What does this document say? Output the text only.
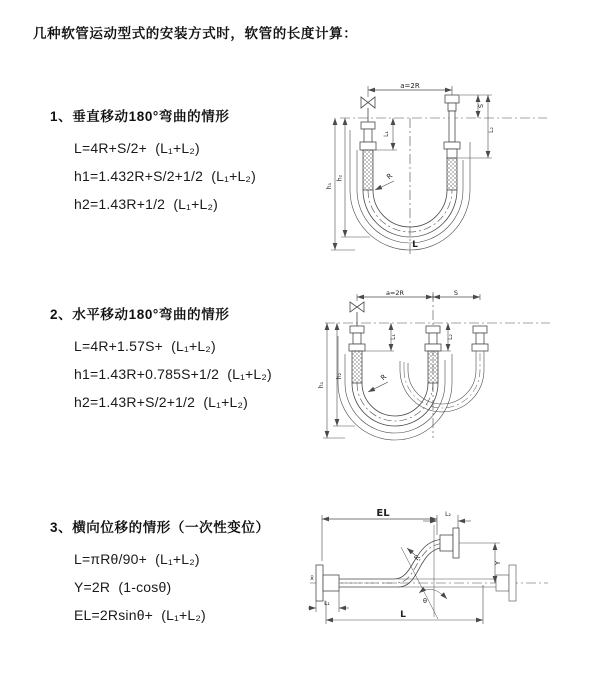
几种软管运动型式的安装方式时，软管的长度计算：
1、垂直移动180°弯曲的情形
L=4R+S/2+  (L₁+L₂)
h1=1.432R+S/2+1/2  (L₁+L₂)
h2=1.43R+1/2  (L₁+L₂)
2、水平移动180°弯曲的情形
L=4R+1.57S+  (L₁+L₂)
h1=1.43R+0.785S+1/2  (L₁+L₂)
h2=1.43R+S/2+1/2  (L₁+L₂)
3、横向位移的情形（一次性变位）
L=πRθ/90+  (L₁+L₂)
Y=2R  (1-cosθ)
EL=2Rsinθ+  (L₁+L₂)
a=2R
S
L₁
L₂
h₁
h₂	R
L
a=2R	S
h₁
h₂
L₁	L₂
R
EL	L₂
Y
R
θ
L
L₁
x̄
